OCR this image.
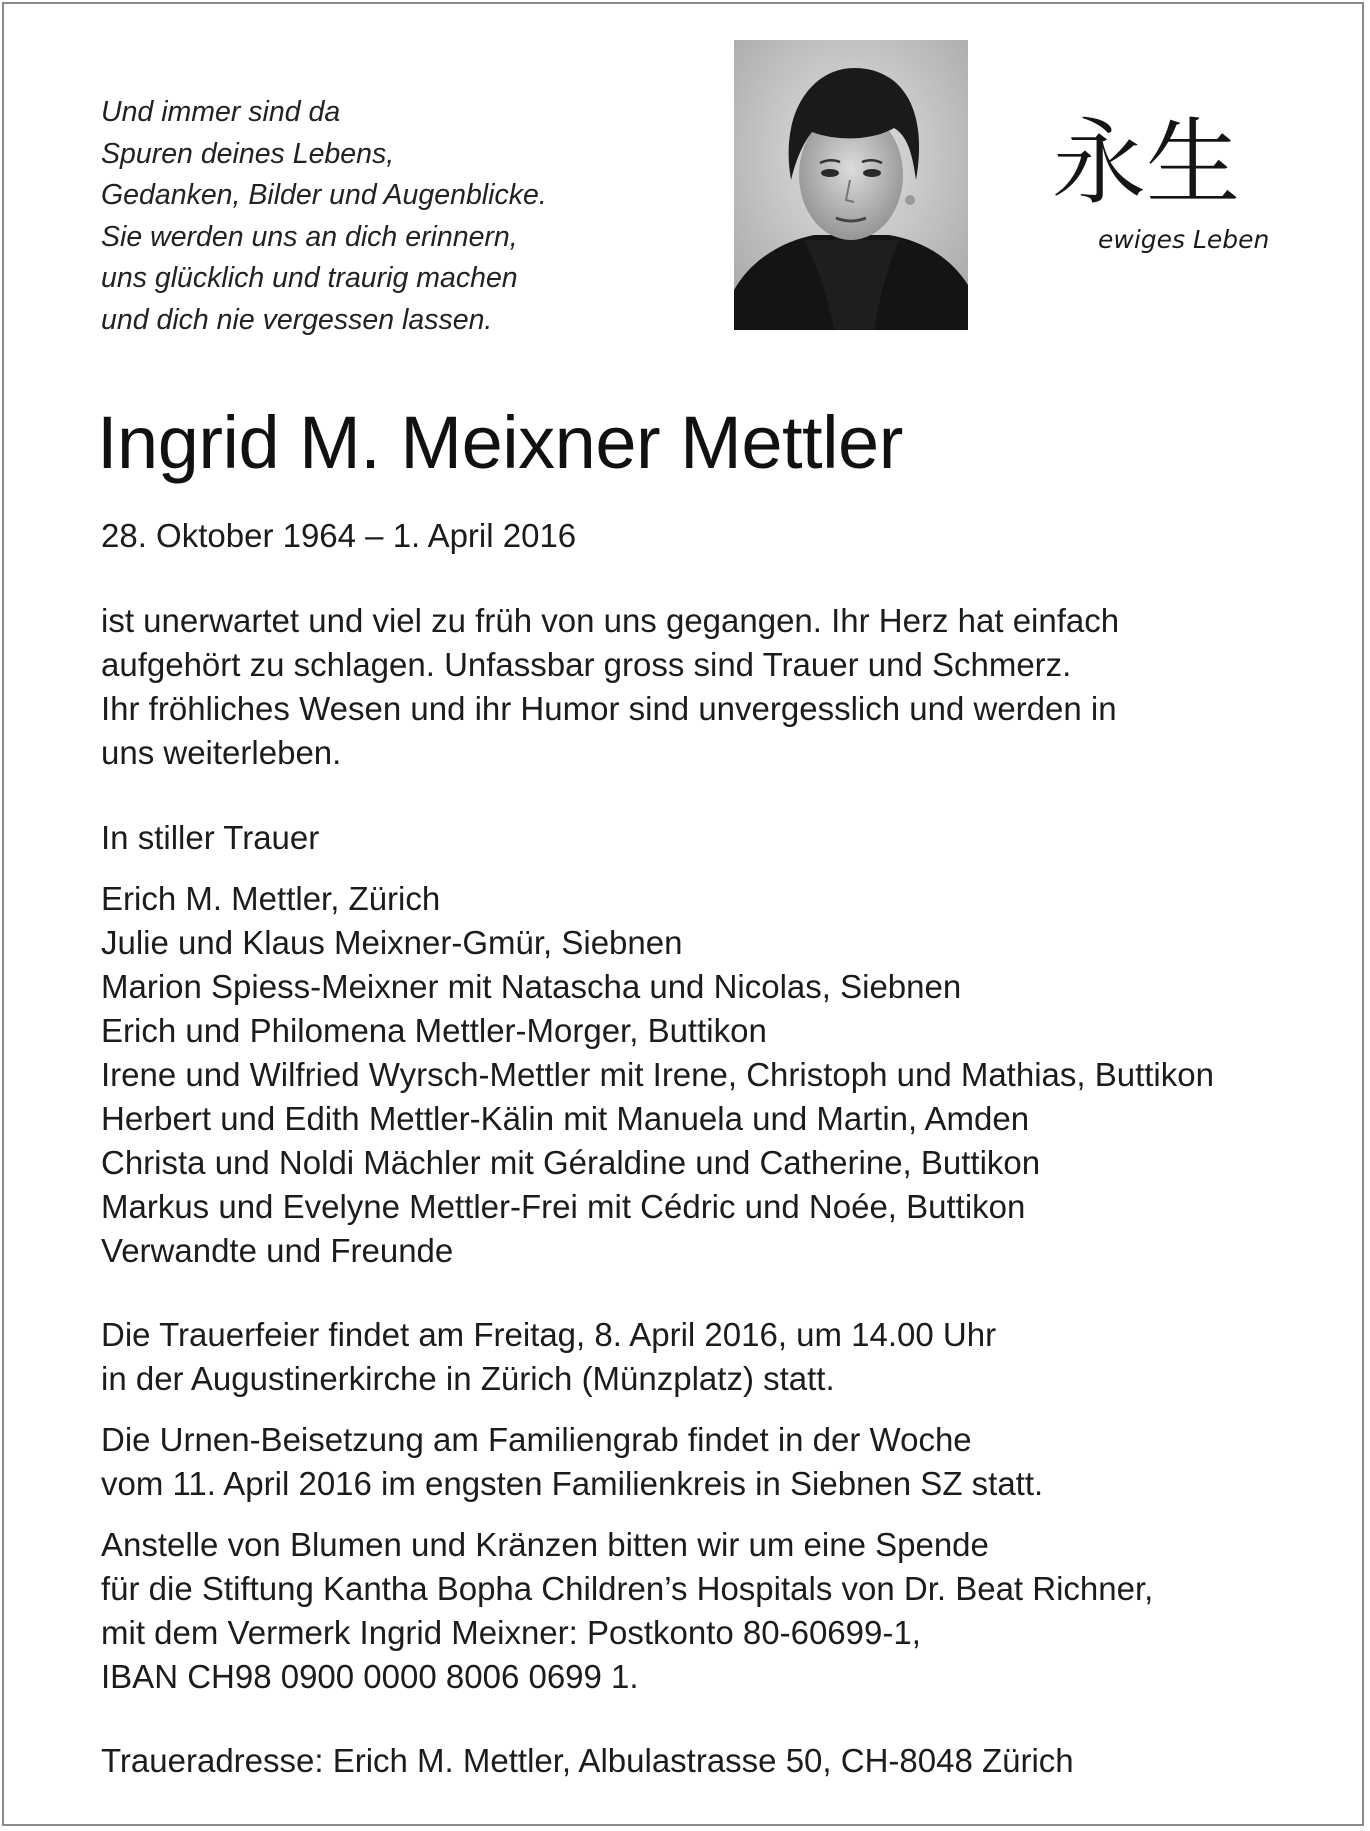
Und immer sind da
Spuren deines Lebens,
Gedanken, Bilder und Augenblicke.
Sie werden uns an dich erinnern,
uns glücklich und traurig machen
und dich nie vergessen lassen.
永生
ewiges Leben
Ingrid M. Meixner Mettler
28. Oktober 1964 – 1. April 2016
ist unerwartet und viel zu früh von uns gegangen. Ihr Herz hat einfach
aufgehört zu schlagen. Unfassbar gross sind Trauer und Schmerz.
Ihr fröhliches Wesen und ihr Humor sind unvergesslich und werden in
uns weiterleben.
In stiller Trauer
Erich M. Mettler, Zürich
Julie und Klaus Meixner-Gmür, Siebnen
Marion Spiess-Meixner mit Natascha und Nicolas, Siebnen
Erich und Philomena Mettler-Morger, Buttikon
Irene und Wilfried Wyrsch-Mettler mit Irene, Christoph und Mathias, Buttikon
Herbert und Edith Mettler-Kälin mit Manuela und Martin, Amden
Christa und Noldi Mächler mit Géraldine und Catherine, Buttikon
Markus und Evelyne Mettler-Frei mit Cédric und Noée, Buttikon
Verwandte und Freunde
Die Trauerfeier findet am Freitag, 8. April 2016, um 14.00 Uhr
in der Augustinerkirche in Zürich (Münzplatz) statt.
Die Urnen-Beisetzung am Familiengrab findet in der Woche
vom 11. April 2016 im engsten Familienkreis in Siebnen SZ statt.
Anstelle von Blumen und Kränzen bitten wir um eine Spende
für die Stiftung Kantha Bopha Children’s Hospitals von Dr. Beat Richner,
mit dem Vermerk Ingrid Meixner: Postkonto 80-60699-1,
IBAN CH98 0900 0000 8006 0699 1.
Traueradresse: Erich M. Mettler, Albulastrasse 50, CH-8048 Zürich
